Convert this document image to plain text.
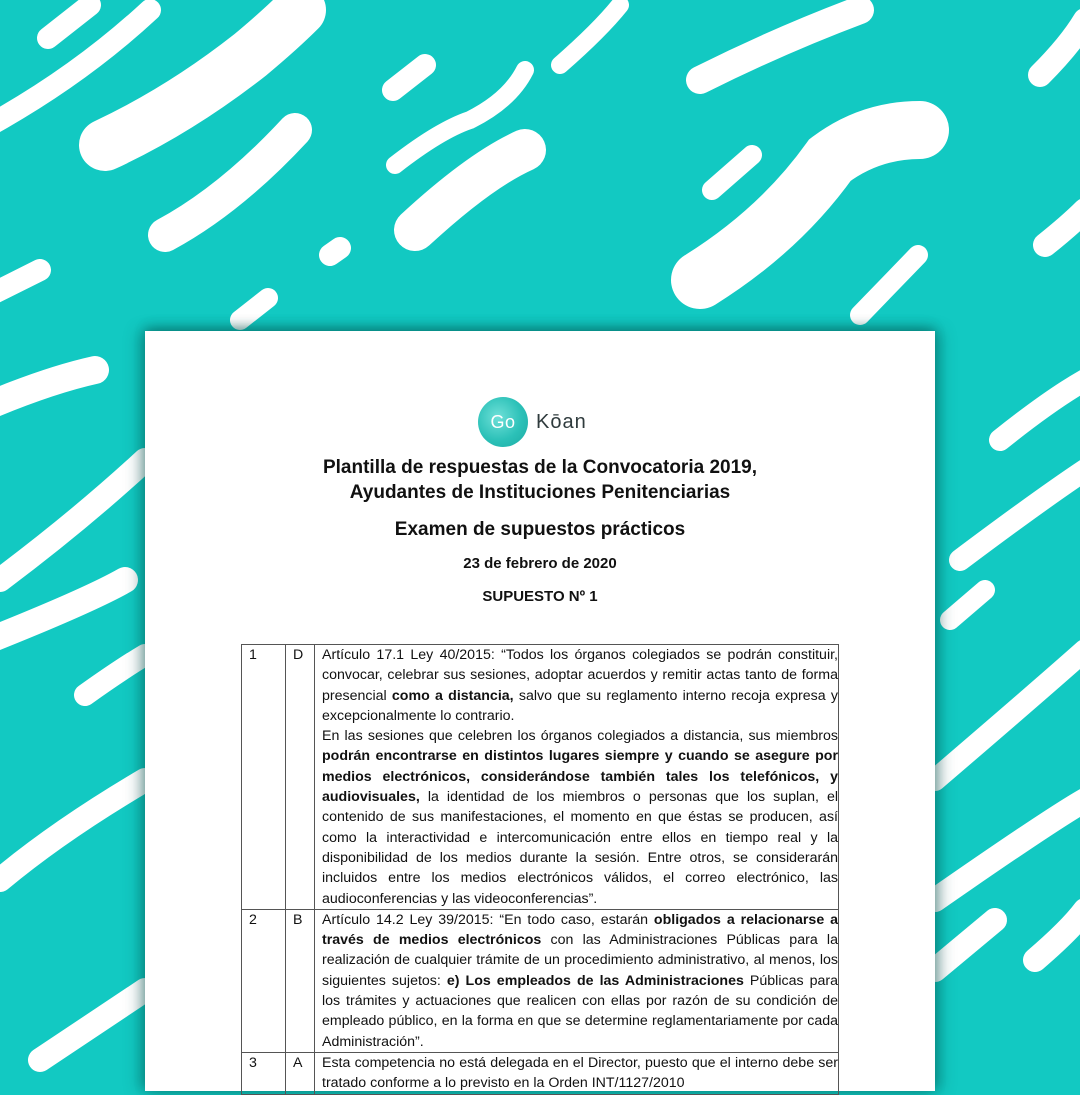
Go Kōan
Plantilla de respuestas de la Convocatoria 2019,
Ayudantes de Instituciones Penitenciarias
Examen de supuestos prácticos
23 de febrero de 2020
SUPUESTO Nº 1
1	D	Artículo 17.1 Ley 40/2015: “Todos los órganos colegiados se podrán constituir, convocar, celebrar sus sesiones, adoptar acuerdos y remitir actas tanto de forma presencial como a distancia, salvo que su reglamento interno recoja expresa y excepcionalmente lo contrario.

En las sesiones que celebren los órganos colegiados a distancia, sus miembros podrán encontrarse en distintos lugares siempre y cuando se asegure por medios electrónicos, considerándose también tales los telefónicos, y audiovisuales, la identidad de los miembros o personas que los suplan, el contenido de sus manifestaciones, el momento en que éstas se producen, así como la interactividad e intercomunicación entre ellos en tiempo real y la disponibilidad de los medios durante la sesión. Entre otros, se considerarán incluidos entre los medios electrónicos válidos, el correo electrónico, las audioconferencias y las videoconferencias”.

2	B	Artículo 14.2 Ley 39/2015: “En todo caso, estarán obligados a relacionarse a través de medios electrónicos con las Administraciones Públicas para la realización de cualquier trámite de un procedimiento administrativo, al menos, los siguientes sujetos: e) Los empleados de las Administraciones Públicas para los trámites y actuaciones que realicen con ellas por razón de su condición de empleado público, en la forma en que se determine reglamentariamente por cada Administración”.

3	A	Esta competencia no está delegada en el Director, puesto que el interno debe ser tratado conforme a lo previsto en la Orden INT/1127/2010
